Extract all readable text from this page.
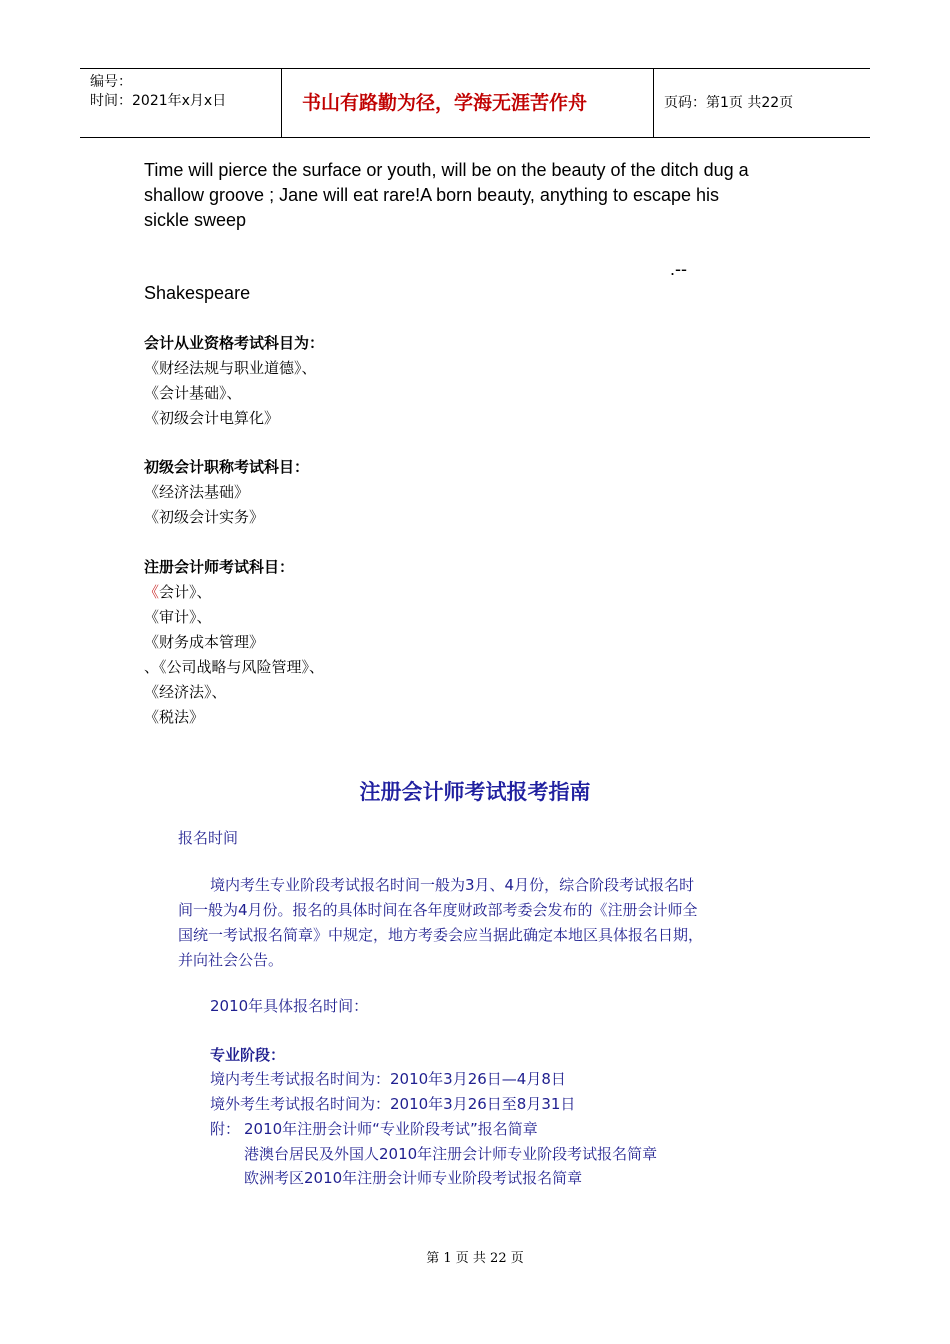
编号：
时间：2021年x月x日	书山有路勤为径，学海无涯苦作舟	页码：第1页 共22页
Time will pierce the surface or youth, will be on the beauty of the ditch dug a
shallow groove ; Jane will eat rare!A born beauty, anything to escape his
sickle sweep
.--
Shakespeare
会计从业资格考试科目为：
《财经法规与职业道德》、
《会计基础》、
《初级会计电算化》
初级会计职称考试科目：
《经济法基础》
《初级会计实务》
注册会计师考试科目：
《会计》、
《审计》、
《财务成本管理》
、《公司战略与风险管理》、
《经济法》、
《税法》
注册会计师考试报考指南
报名时间
境内考生专业阶段考试报名时间一般为3月、4月份，综合阶段考试报名时
间一般为4月份。报名的具体时间在各年度财政部考委会发布的《注册会计师全
国统一考试报名简章》中规定，地方考委会应当据此确定本地区具体报名日期，
并向社会公告。
2010年具体报名时间：
专业阶段：
境内考生考试报名时间为：2010年3月26日—4月8日
境外考生考试报名时间为：2010年3月26日至8月31日
附： 2010年注册会计师“专业阶段考试”报名简章
港澳台居民及外国人2010年注册会计师专业阶段考试报名简章
欧洲考区2010年注册会计师专业阶段考试报名简章
第 1 页 共 22 页
